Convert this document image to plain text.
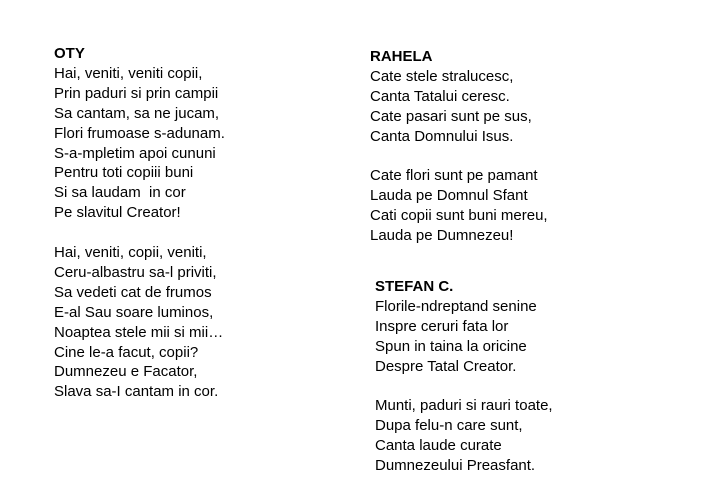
OTY
Hai, veniti, veniti copii,
Prin paduri si prin campii
Sa cantam, sa ne jucam,
Flori frumoase s-adunam.
S-a-mpletim apoi cununi
Pentru toti copiii buni
Si sa laudam  in cor
Pe slavitul Creator!
Hai, veniti, copii, veniti,
Ceru-albastru sa-l priviti,
Sa vedeti cat de frumos
E-al Sau soare luminos,
Noaptea stele mii si mii…
Cine le-a facut, copii?
Dumnezeu e Facator,
Slava sa-I cantam in cor.
RAHELA
Cate stele stralucesc,
Canta Tatalui ceresc.
Cate pasari sunt pe sus,
Canta Domnului Isus.
Cate flori sunt pe pamant
Lauda pe Domnul Sfant
Cati copii sunt buni mereu,
Lauda pe Dumnezeu!
STEFAN C.
Florile-ndreptand senine
Inspre ceruri fata lor
Spun in taina la oricine
Despre Tatal Creator.
Munti, paduri si rauri toate,
Dupa felu-n care sunt,
Canta laude curate
Dumnezeului Preasfant.
